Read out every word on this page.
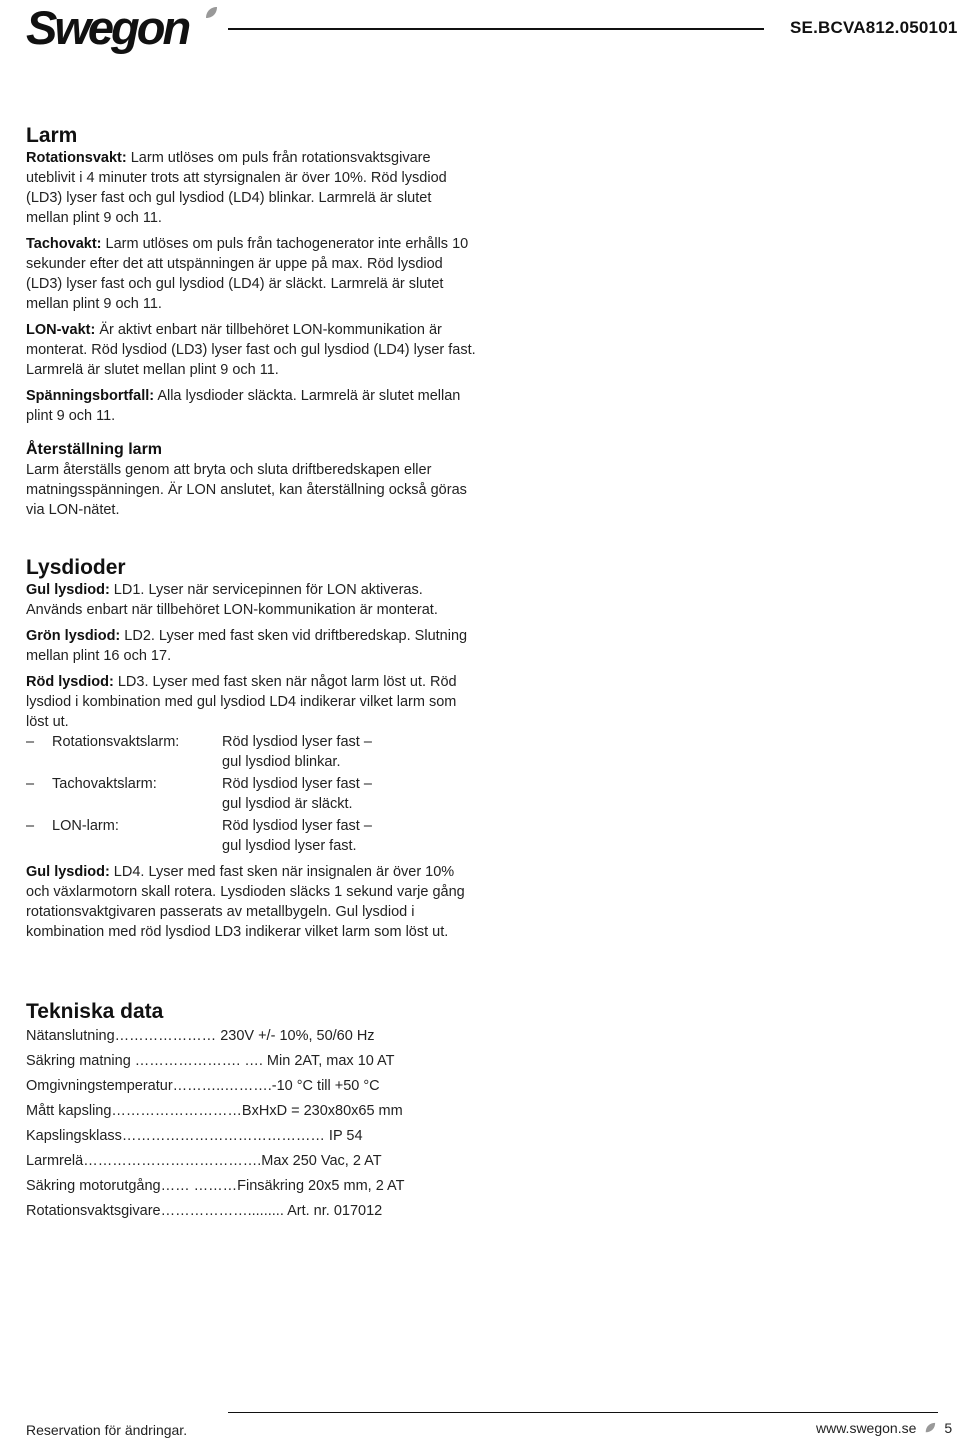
Swegon	SE.BCVA812.050101
Larm

Rotationsvakt: Larm utlöses om puls från rotationsvaktsgivare uteblivit i 4 minuter trots att styrsignalen är över 10%. Röd lysdiod (LD3) lyser fast och gul lysdiod (LD4) blinkar. Larmrelä är slutet mellan plint 9 och 11.

Tachovakt: Larm utlöses om puls från tachogenerator inte erhålls 10 sekunder efter det att utspänningen är uppe på max. Röd lysdiod (LD3) lyser fast och gul lysdiod (LD4) är släckt. Larmrelä är slutet mellan plint 9 och 11.

LON-vakt: Är aktivt enbart när tillbehöret LON-kommunikation är monterat. Röd lysdiod (LD3) lyser fast och gul lysdiod (LD4) lyser fast. Larmrelä är slutet mellan plint 9 och 11.

Spänningsbortfall: Alla lysdioder släckta. Larmrelä är slutet mellan plint 9 och 11.

Återställning larm

Larm återställs genom att bryta och sluta driftberedskapen eller matningsspänningen. Är LON anslutet, kan återställning också göras via LON-nätet.

Lysdioder

Gul lysdiod: LD1. Lyser när servicepinnen för LON aktiveras. Används enbart när tillbehöret LON-kommunikation är monterat.

Grön lysdiod: LD2. Lyser med fast sken vid driftberedskap. Slutning mellan plint 16 och 17.

Röd lysdiod: LD3. Lyser med fast sken när något larm löst ut. Röd lysdiod i kombination med gul lysdiod LD4 indikerar vilket larm som löst ut.

–	Rotationsvaktslarm:	Röd lysdiod lyser fast –
gul lysdiod blinkar.
–	Tachovaktslarm:	Röd lysdiod lyser fast –
gul lysdiod är släckt.
–	LON-larm:	Röd lysdiod lyser fast –
gul lysdiod lyser fast.

Gul lysdiod: LD4. Lyser med fast sken när insignalen är över 10% och växlarmotorn skall rotera. Lysdioden släcks 1 sekund varje gång rotationsvaktgivaren passerats av metallbygeln. Gul lysdiod i kombination med röd lysdiod LD3 indikerar vilket larm som löst ut.

Tekniska data
Nätanslutning………………… 230V +/- 10%, 50/60 Hz
Säkring matning …………………. …. Min 2AT, max 10 AT
Omgivningstemperatur………..……….-10 °C till +50 °C
Mått kapsling………………………BxHxD = 230x80x65 mm
Kapslingsklass…………………………………… IP 54
Larmrelä……………………………….Max 250 Vac, 2 AT
Säkring motorutgång…… ………Finsäkring 20x5 mm, 2 AT
Rotationsvaktsgivare………………......... Art. nr. 017012
Reservation för ändringar.	www.swegon.se 5
